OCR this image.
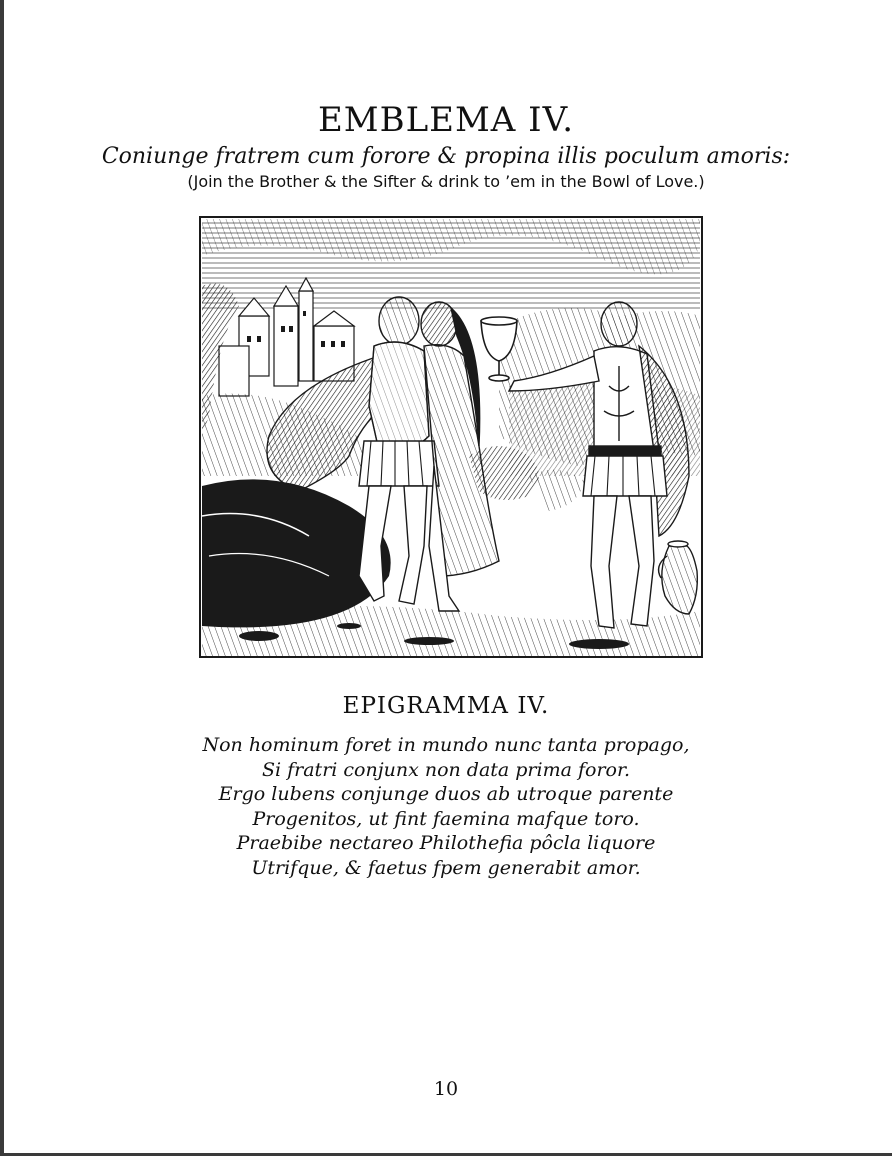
EMBLEMA IV.
Coniunge fratrem cum forore & propina illis poculum amoris:
(Join the Brother & the Sifter & drink to ’em in the Bowl of Love.)
EPIGRAMMA IV.
Non hominum foret in mundo nunc tanta propago,
Si fratri conjunx non data prima foror.
Ergo lubens conjunge duos ab utroque parente
Progenitos, ut fint faemina mafque toro.
Praebibe nectareo Philothefia pôcla liquore
Utrifque, & faetus fpem generabit amor.
10
